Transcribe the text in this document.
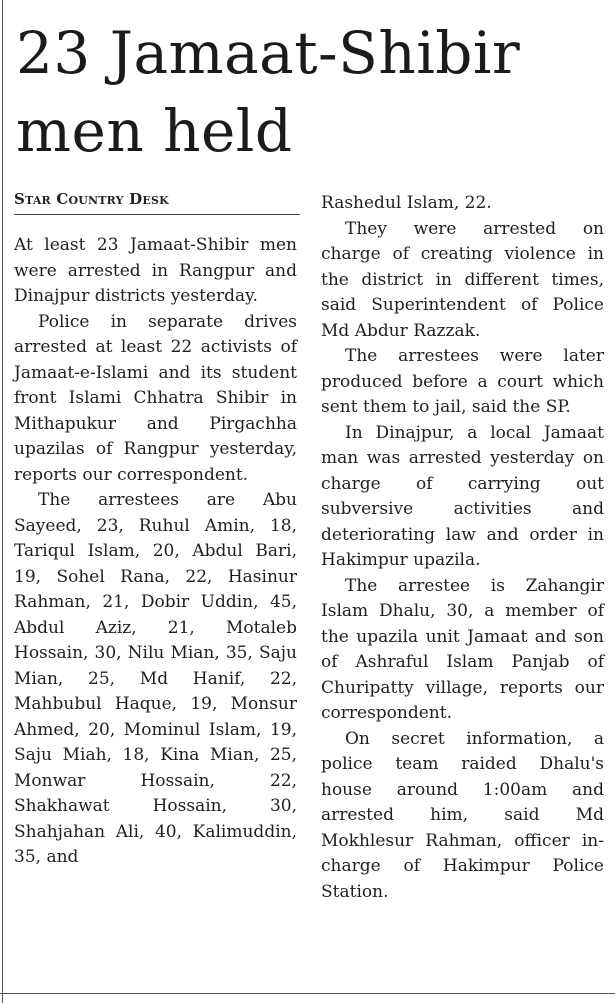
23 Jamaat-Shibir
men held
Star Country Desk

At least 23 Jamaat-Shibir men were arrested in Rangpur and Dinajpur districts yesterday.

Police in separate drives arrested at least 22 activists of Jamaat-e-Islami and its student front Islami Chhatra Shibir in Mithapukur and Pirgachha upazilas of Rangpur yesterday, reports our correspondent.

The arrestees are Abu Sayeed, 23, Ruhul Amin, 18, Tariqul Islam, 20, Abdul Bari, 19, Sohel Rana, 22, Hasinur Rahman, 21, Dobir Uddin, 45, Abdul Aziz, 21, Motaleb Hossain, 30, Nilu Mian, 35, Saju Mian, 25, Md Hanif, 22, Mahbubul Haque, 19, Monsur Ahmed, 20, Mominul Islam, 19, Saju Miah, 18, Kina Mian, 25, Monwar Hossain, 22, Shakhawat Hossain, 30, Shahjahan Ali, 40, Kalimuddin, 35, and

Rashedul Islam, 22.

They were arrested on charge of creating violence in the district in different times, said Superintendent of Police Md Abdur Razzak.

The arrestees were later produced before a court which sent them to jail, said the SP.

In Dinajpur, a local Jamaat man was arrested yesterday on charge of carrying out subversive activities and deteriorating law and order in Hakimpur upazila.

The arrestee is Zahangir Islam Dhalu, 30, a member of the upazila unit Jamaat and son of Ashraful Islam Panjab of Churipatty village, reports our correspondent.

On secret information, a police team raided Dhalu's house around 1:00am and arrested him, said Md Mokhlesur Rahman, officer in-charge of Hakimpur Police Station.
